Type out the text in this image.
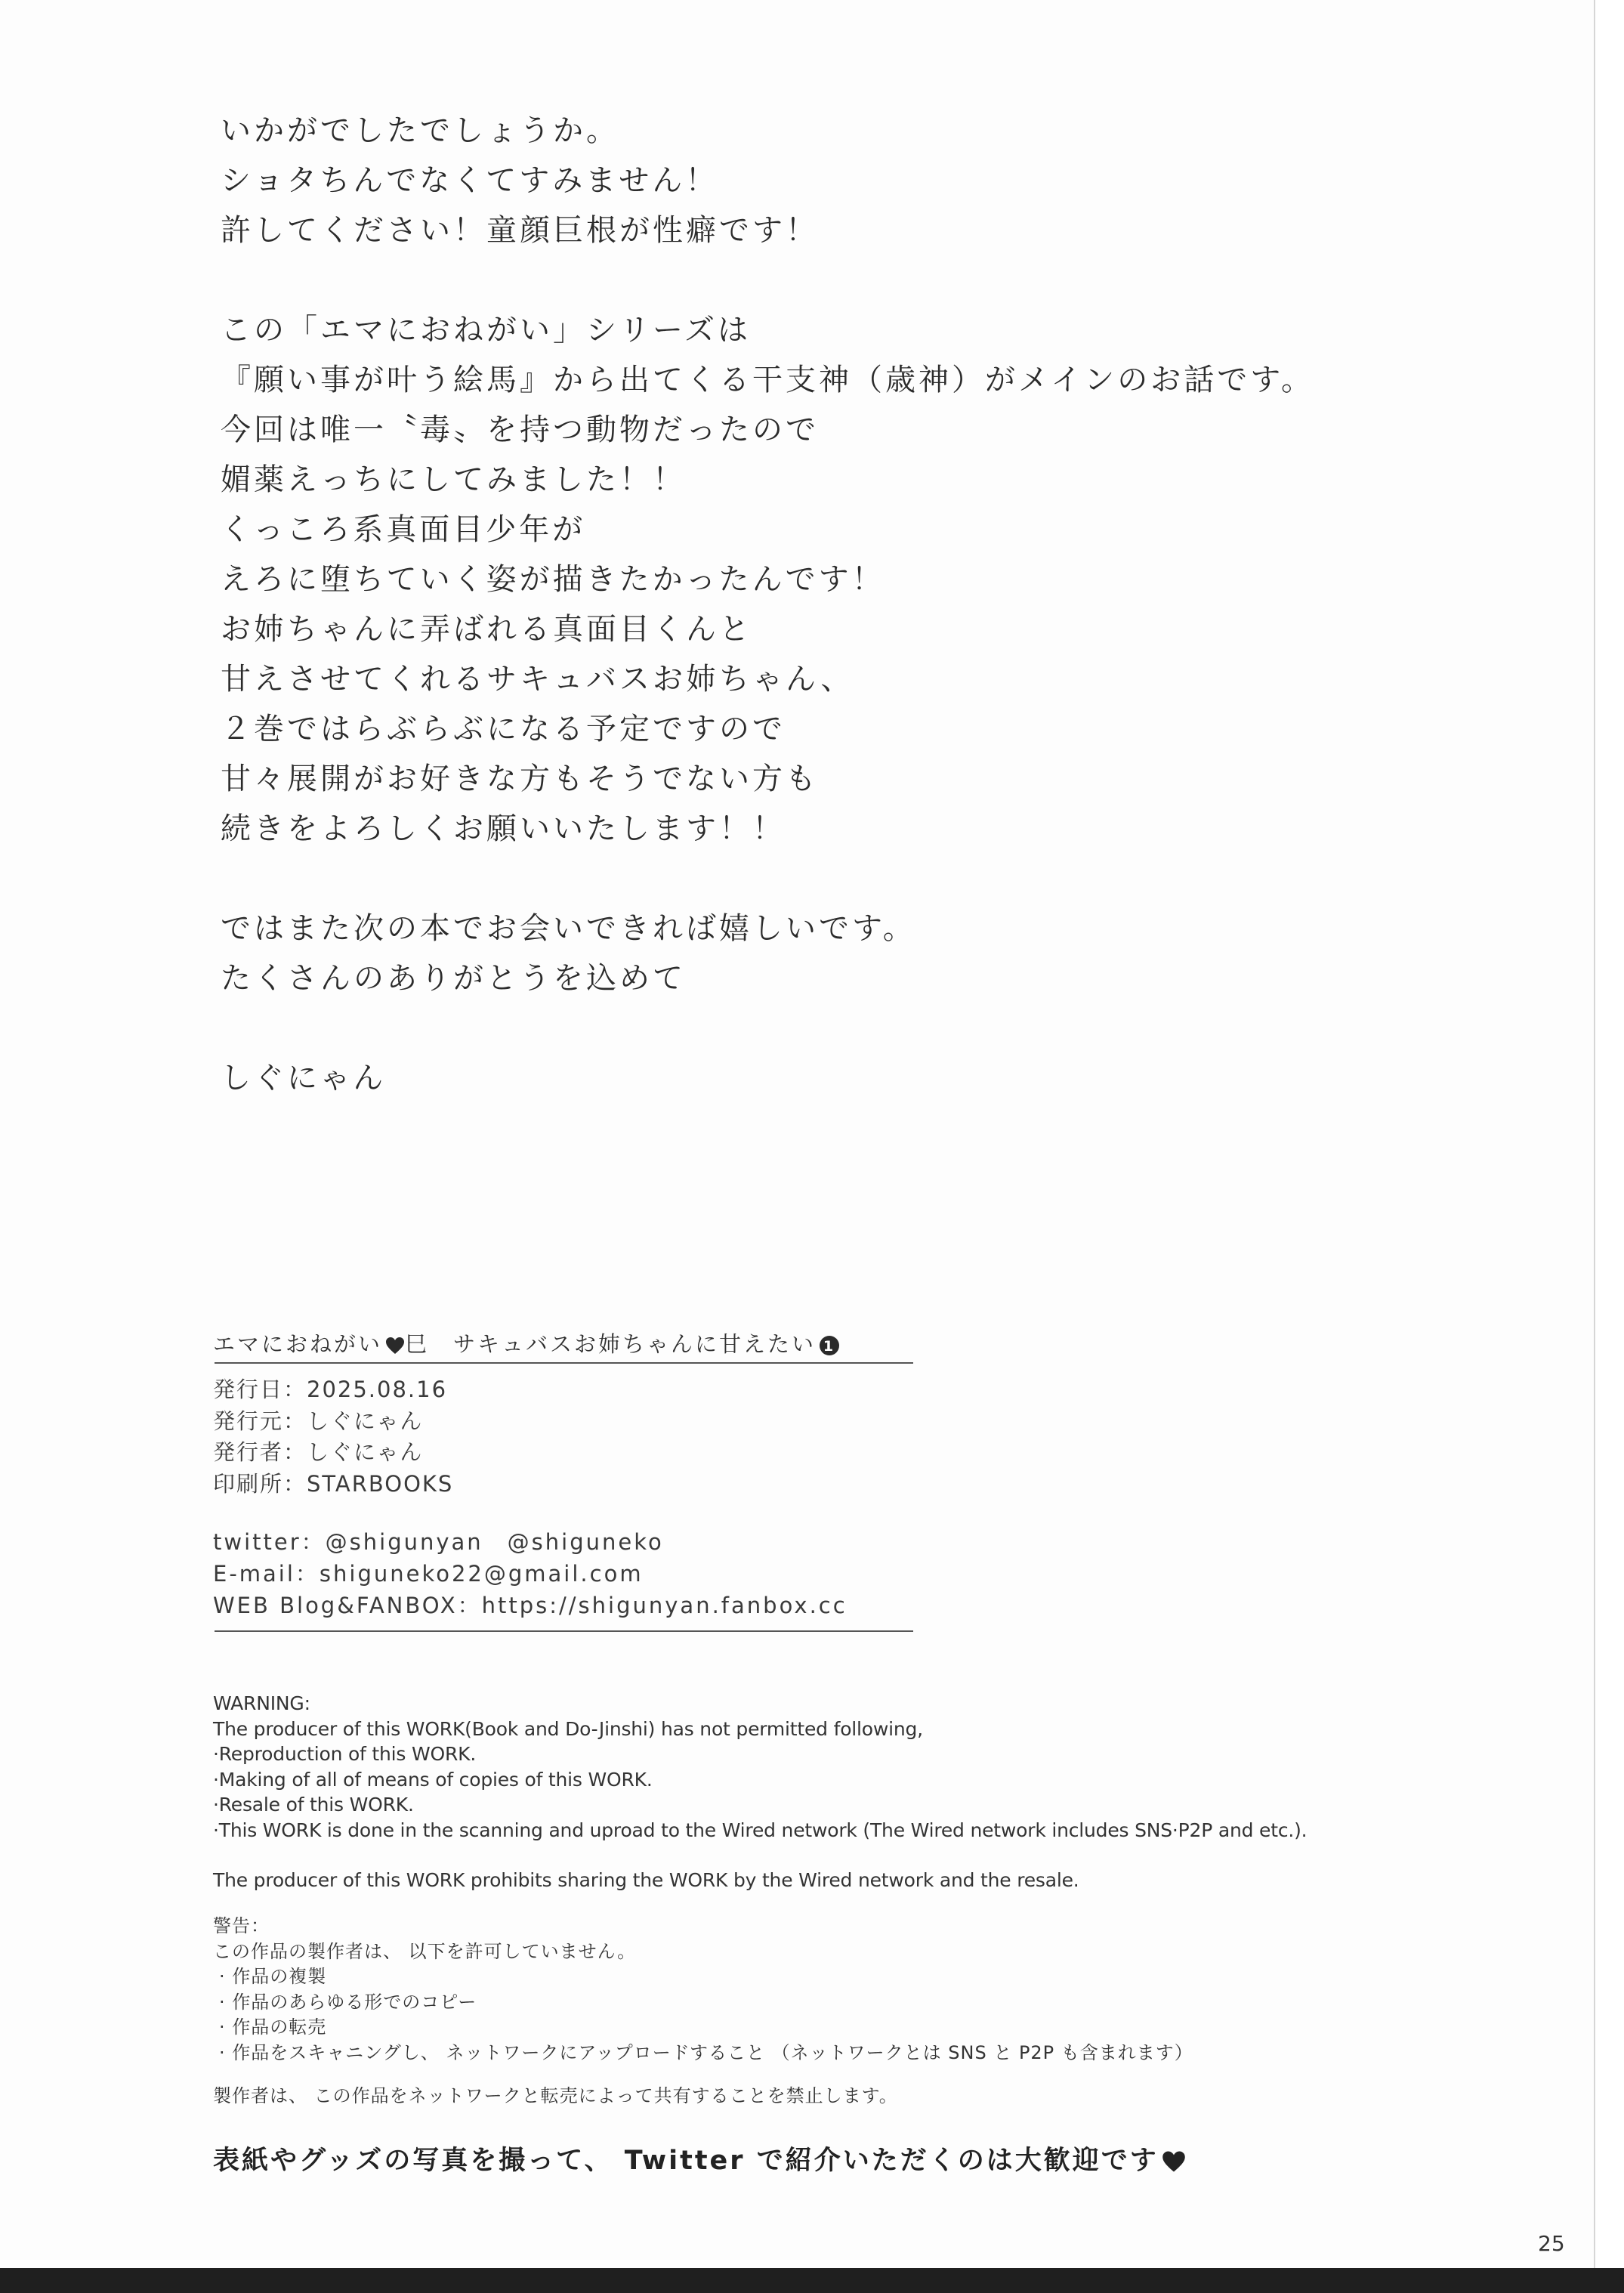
いかがでしたでしょうか。
ショタちんでなくてすみません！
許してください！童顔巨根が性癖です！
この「エマにおねがい」シリーズは
『願い事が叶う絵馬』から出てくる干支神（歳神）がメインのお話です。
今回は唯一〝毒〟を持つ動物だったので
媚薬えっちにしてみました！！
くっころ系真面目少年が
えろに堕ちていく姿が描きたかったんです！
お姉ちゃんに弄ばれる真面目くんと
甘えさせてくれるサキュバスお姉ちゃん、
２巻ではらぶらぶになる予定ですので
甘々展開がお好きな方もそうでない方も
続きをよろしくお願いいたします！！
ではまた次の本でお会いできれば嬉しいです。
たくさんのありがとうを込めて
しぐにゃん
エマにおねがい 巳　サキュバスお姉ちゃんに甘えたい 1
発行日：2025.08.16
発行元：しぐにゃん
発行者：しぐにゃん
印刷所：STARBOOKS
twitter：@shigunyan　@shiguneko
E-mail：shiguneko22@gmail.com
WEB Blog&FANBOX：https://shigunyan.fanbox.cc
WARNING:
The producer of this WORK(Book and Do-Jinshi) has not permitted following,
·Reproduction of this WORK.
·Making of all of means of copies of this WORK.
·Resale of this WORK.
·This WORK is done in the scanning and uproad to the Wired network (The Wired network includes SNS·P2P and etc.).
The producer of this WORK prohibits sharing the WORK by the Wired network and the resale.
警告：
この作品の製作者は、 以下を許可していません。
· 作品の複製
· 作品のあらゆる形でのコピー
· 作品の転売
· 作品をスキャニングし、 ネットワークにアップロードすること （ネットワークとは SNS と P2P も含まれます）
製作者は、 この作品をネットワークと転売によって共有することを禁止します。
表紙やグッズの写真を撮って、 Twitter で紹介いただくのは大歓迎です
25
